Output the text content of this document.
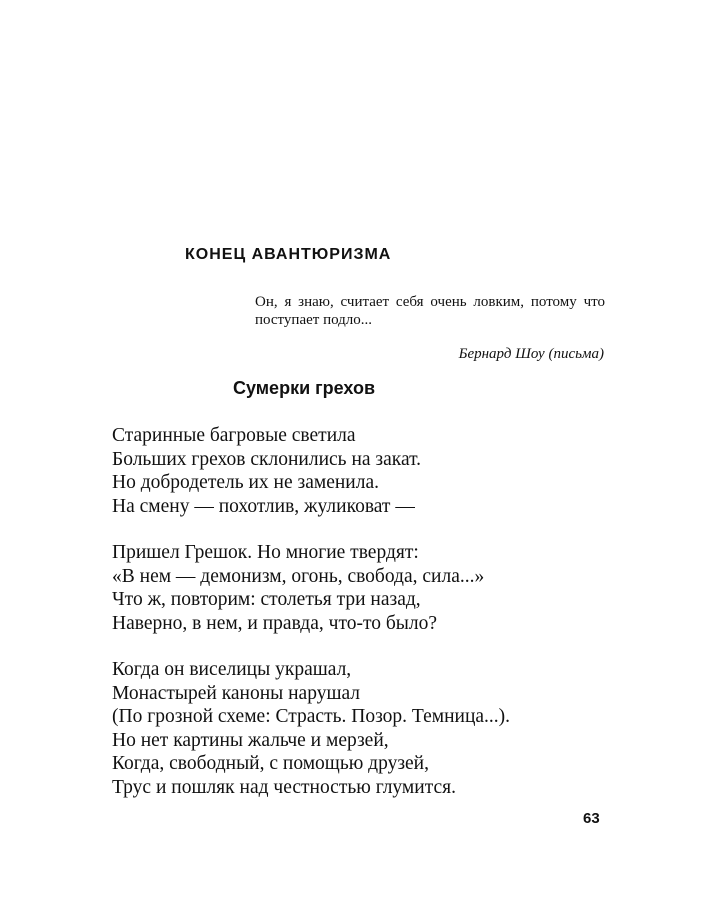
КОНЕЦ АВАНТЮРИЗМА
Он, я знаю, считает себя очень ловким, потому что поступает подло...
Бернард Шоу (письма)
Сумерки грехов
Старинные багровые светила
Больших грехов склонились на закат.
Но добродетель их не заменила.
На смену — похотлив, жуликоват —
Пришел Грешок. Но многие твердят:
«В нем — демонизм, огонь, свобода, сила...»
Что ж, повторим: столетья три назад,
Наверно, в нем, и правда, что-то было?
Когда он виселицы украшал,
Монастырей каноны нарушал
(По грозной схеме: Страсть. Позор. Темница...).
Но нет картины жальче и мерзей,
Когда, свободный, с помощью друзей,
Трус и пошляк над честностью глумится.
63
